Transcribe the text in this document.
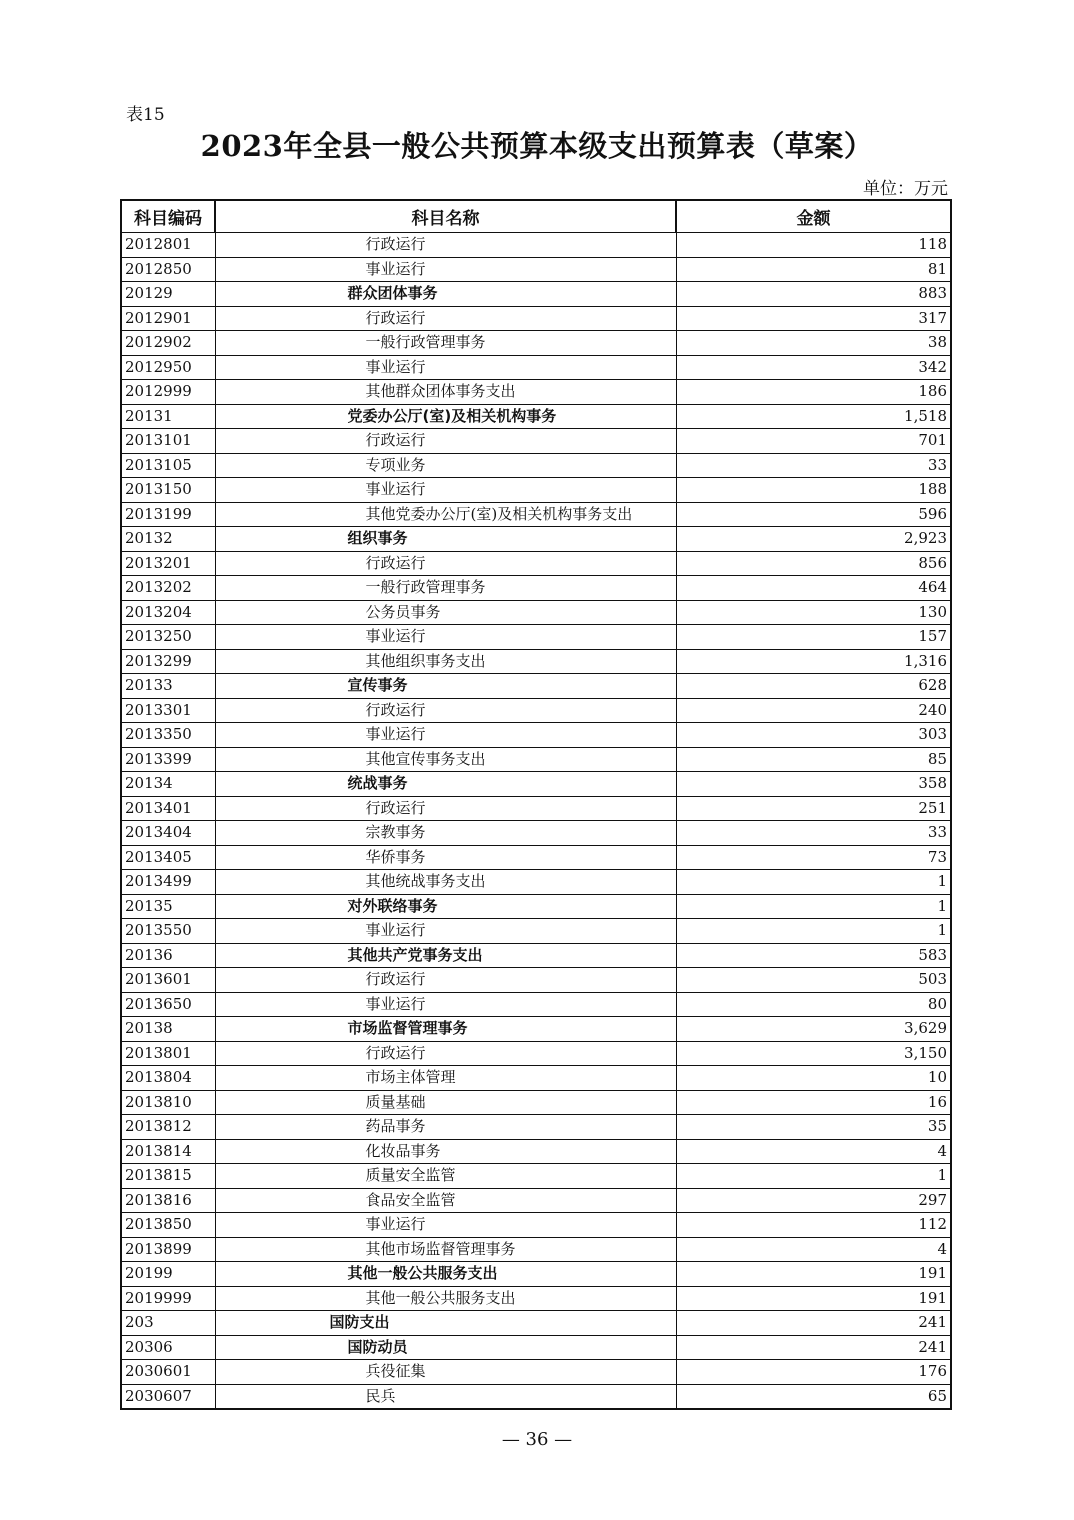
表15
2023年全县一般公共预算本级支出预算表（草案）
单位：万元
科目编码	科目名称	金额
2012801	行政运行	118
2012850	事业运行	81
20129	群众团体事务	883
2012901	行政运行	317
2012902	一般行政管理事务	38
2012950	事业运行	342
2012999	其他群众团体事务支出	186
20131	党委办公厅(室)及相关机构事务	1,518
2013101	行政运行	701
2013105	专项业务	33
2013150	事业运行	188
2013199	其他党委办公厅(室)及相关机构事务支出	596
20132	组织事务	2,923
2013201	行政运行	856
2013202	一般行政管理事务	464
2013204	公务员事务	130
2013250	事业运行	157
2013299	其他组织事务支出	1,316
20133	宣传事务	628
2013301	行政运行	240
2013350	事业运行	303
2013399	其他宣传事务支出	85
20134	统战事务	358
2013401	行政运行	251
2013404	宗教事务	33
2013405	华侨事务	73
2013499	其他统战事务支出	1
20135	对外联络事务	1
2013550	事业运行	1
20136	其他共产党事务支出	583
2013601	行政运行	503
2013650	事业运行	80
20138	市场监督管理事务	3,629
2013801	行政运行	3,150
2013804	市场主体管理	10
2013810	质量基础	16
2013812	药品事务	35
2013814	化妆品事务	4
2013815	质量安全监管	1
2013816	食品安全监管	297
2013850	事业运行	112
2013899	其他市场监督管理事务	4
20199	其他一般公共服务支出	191
2019999	其他一般公共服务支出	191
203	国防支出	241
20306	国防动员	241
2030601	兵役征集	176
2030607	民兵	65
— 36 —
